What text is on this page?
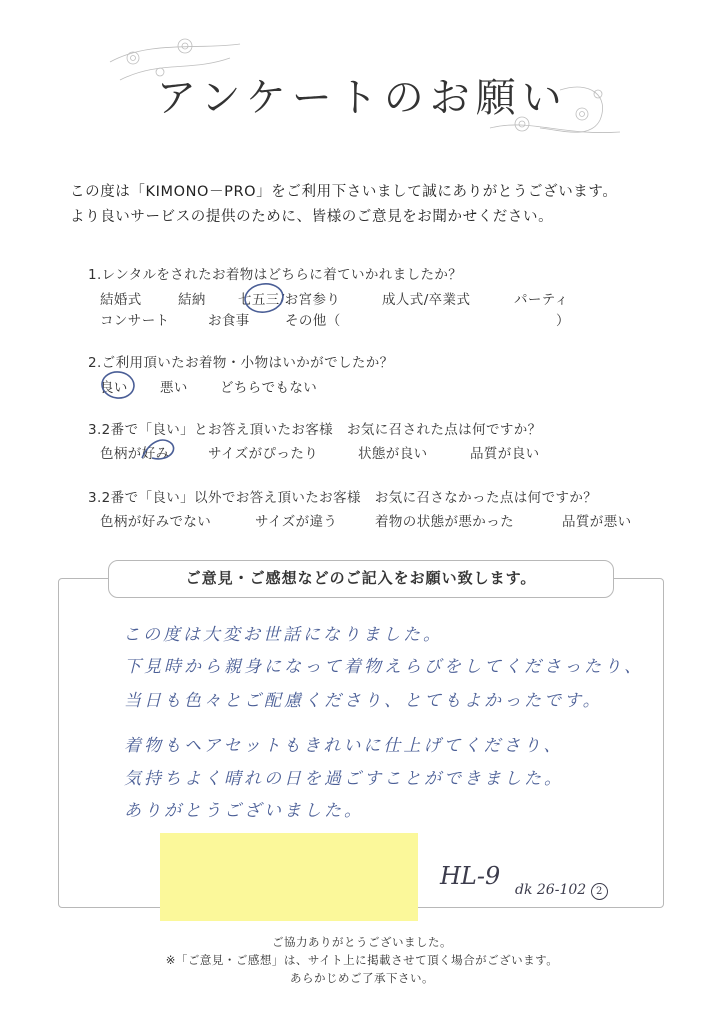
アンケートのお願い
この度は「KIMONO－PRO」をご利用下さいまして誠にありがとうございます。
より良いサービスの提供のために、皆様のご意見をお聞かせください。
1.レンタルをされたお着物はどちらに着ていかれましたか？
結婚式	結納 七五三/お宮参り	成人式/卒業式	パーティ
コンサート	お食事	その他（	）
2.ご利用頂いたお着物・小物はいかがでしたか？
良い 悪い どちらでもない
3.2番で「良い」とお答え頂いたお客様　お気に召された点は何ですか？
色柄が好み	サイズがぴったり	状態が良い	品質が良い
3.2番で「良い」以外でお答え頂いたお客様　お気に召さなかった点は何ですか？
色柄が好みでない	サイズが違う	着物の状態が悪かった	品質が悪い
ご意見・ご感想などのご記入をお願い致します。
この度は大変お世話になりました。
下見時から親身になって着物えらびをしてくださったり、
当日も色々とご配慮くださり、とてもよかったです。
着物もヘアセットもきれいに仕上げてくださり、
気持ちよく晴れの日を過ごすことができました。
ありがとうございました。
HL-9 dk 26-102 2
ご協力ありがとうございました。
※「ご意見・ご感想」は、サイト上に掲載させて頂く場合がございます。
あらかじめご了承下さい。
